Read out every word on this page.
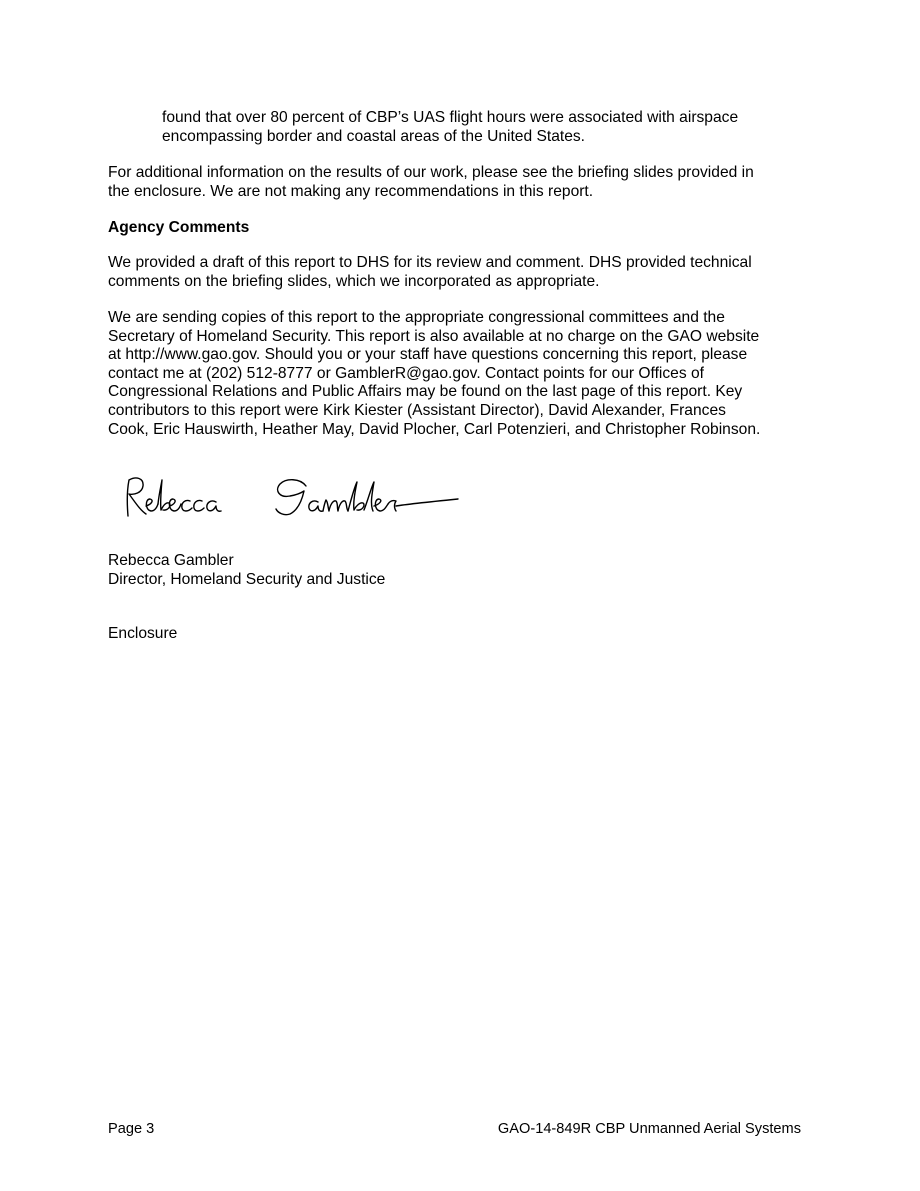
found that over 80 percent of CBP’s UAS flight hours were associated with airspace
encompassing border and coastal areas of the United States.

For additional information on the results of our work, please see the briefing slides provided in
the enclosure. We are not making any recommendations in this report.

Agency Comments

We provided a draft of this report to DHS for its review and comment. DHS provided technical
comments on the briefing slides, which we incorporated as appropriate.

We are sending copies of this report to the appropriate congressional committees and the
Secretary of Homeland Security. This report is also available at no charge on the GAO website
at http://www.gao.gov. Should you or your staff have questions concerning this report, please
contact me at (202) 512-8777 or GamblerR@gao.gov. Contact points for our Offices of
Congressional Relations and Public Affairs may be found on the last page of this report. Key
contributors to this report were Kirk Kiester (Assistant Director), David Alexander, Frances
Cook, Eric Hauswirth, Heather May, David Plocher, Carl Potenzieri, and Christopher Robinson.

Rebecca Gambler
Director, Homeland Security and Justice

Enclosure

Page 3	GAO-14-849R CBP Unmanned Aerial Systems
